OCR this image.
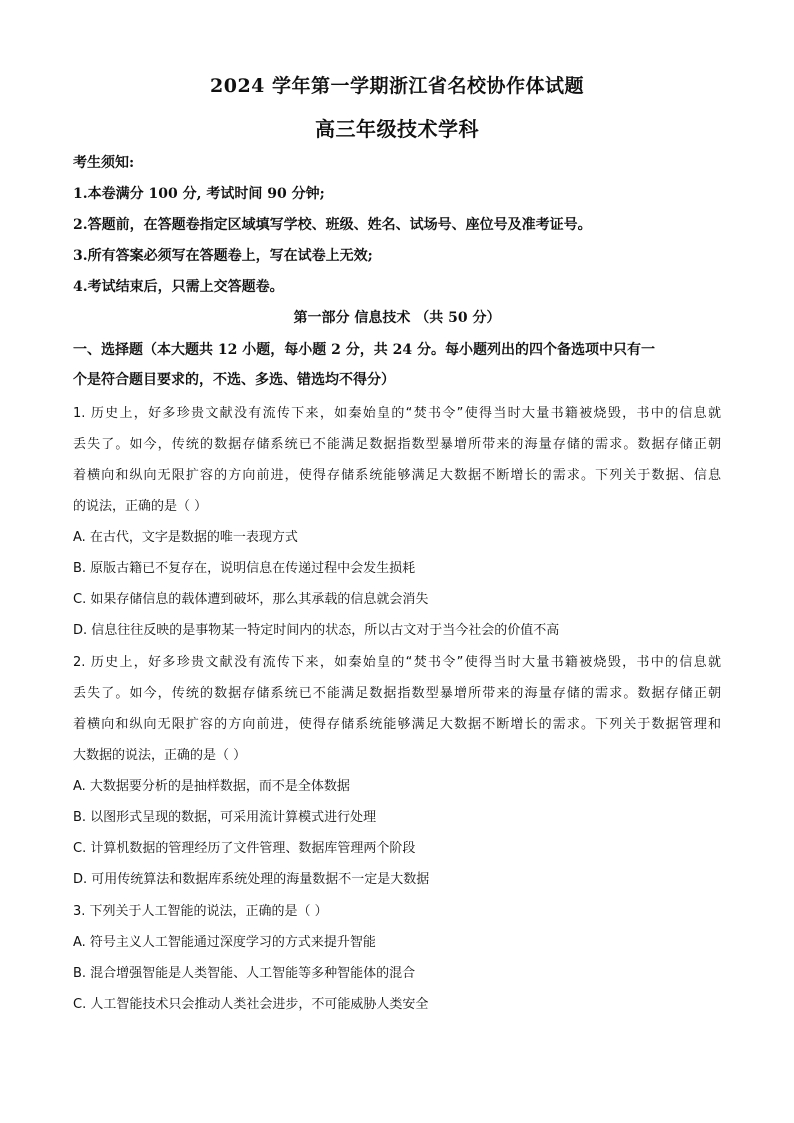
2024 学年第一学期浙江省名校协作体试题
高三年级技术学科
考生须知:
1.本卷满分 100 分, 考试时间 90 分钟;
2.答题前，在答题卷指定区域填写学校、班级、姓名、试场号、座位号及准考证号。
3.所有答案必须写在答题卷上，写在试卷上无效;
4.考试结束后，只需上交答题卷。
第一部分 信息技术 （共 50 分）
一、选择题（本大题共 12 小题，每小题 2 分，共 24 分。每小题列出的四个备选项中只有一
个是符合题目要求的，不选、多选、错选均不得分）
1. 历史上，好多珍贵文献没有流传下来，如秦始皇的“焚书令”使得当时大量书籍被烧毁，书中的信息就
丢失了。如今，传统的数据存储系统已不能满足数据指数型暴增所带来的海量存储的需求。数据存储正朝
着横向和纵向无限扩容的方向前进，使得存储系统能够满足大数据不断增长的需求。下列关于数据、信息
的说法，正确的是（ ）
A. 在古代，文字是数据的唯一表现方式
B. 原版古籍已不复存在，说明信息在传递过程中会发生损耗
C. 如果存储信息的载体遭到破坏，那么其承载的信息就会消失
D. 信息往往反映的是事物某一特定时间内的状态，所以古文对于当今社会的价值不高
2. 历史上，好多珍贵文献没有流传下来，如秦始皇的“焚书令”使得当时大量书籍被烧毁，书中的信息就
丢失了。如今，传统的数据存储系统已不能满足数据指数型暴增所带来的海量存储的需求。数据存储正朝
着横向和纵向无限扩容的方向前进，使得存储系统能够满足大数据不断增长的需求。下列关于数据管理和
大数据的说法，正确的是（ ）
A. 大数据要分析的是抽样数据，而不是全体数据
B. 以图形式呈现的数据，可采用流计算模式进行处理
C. 计算机数据的管理经历了文件管理、数据库管理两个阶段
D. 可用传统算法和数据库系统处理的海量数据不一定是大数据
3. 下列关于人工智能的说法，正确的是（ ）
A. 符号主义人工智能通过深度学习的方式来提升智能
B. 混合增强智能是人类智能、人工智能等多种智能体的混合
C. 人工智能技术只会推动人类社会进步，不可能威胁人类安全
